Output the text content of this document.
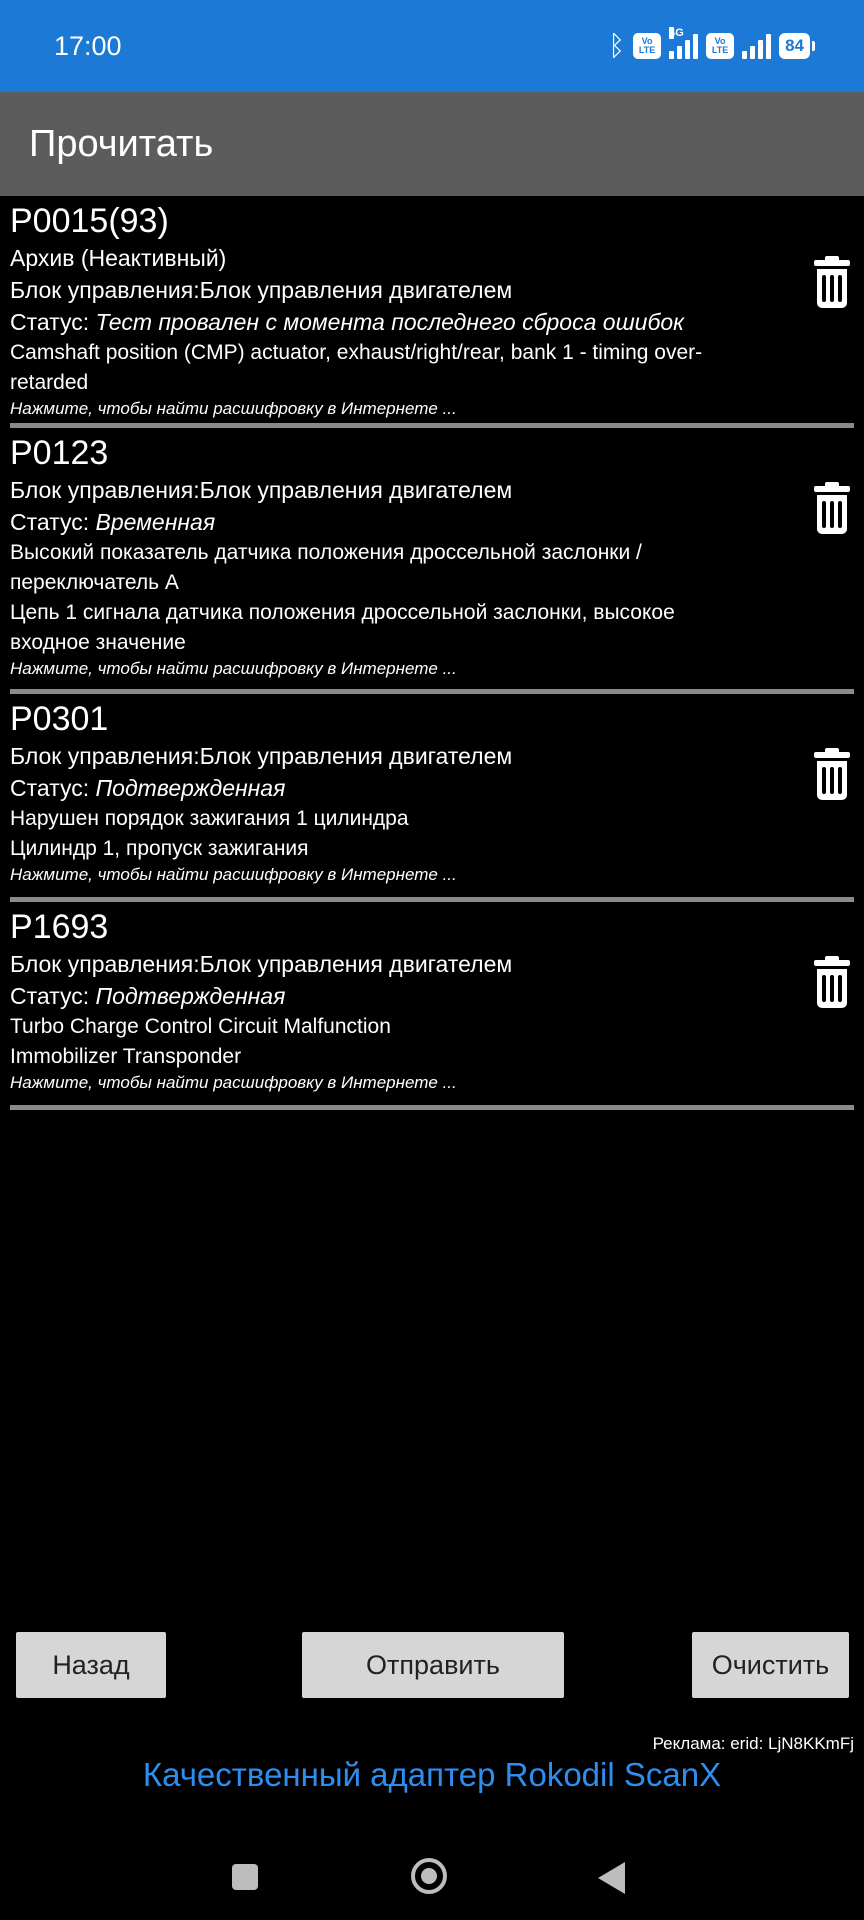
17:00	ᛒ	Vo LTE
4G
Vo LTE	84
Прочитать
P0015(93)
Архив (Неактивный)
Блок управления:Блок управления двигателем
Статус: Тест провален с момента последнего сброса ошибок
Camshaft position (CMP) actuator, exhaust/right/rear, bank 1 - timing over-retarded
Нажмите, чтобы найти расшифровку в Интернете ...
P0123
Блок управления:Блок управления двигателем
Статус: Временная
Высокий показатель датчика положения дроссельной заслонки / переключатель А
Цепь 1 сигнала датчика положения дроссельной заслонки, высокое входное значение
Нажмите, чтобы найти расшифровку в Интернете ...
P0301
Блок управления:Блок управления двигателем
Статус: Подтвержденная
Нарушен порядок зажигания 1 цилиндра
Цилиндр 1, пропуск зажигания
Нажмите, чтобы найти расшифровку в Интернете ...
P1693
Блок управления:Блок управления двигателем
Статус: Подтвержденная
Turbo Charge Control Circuit Malfunction
Immobilizer Transponder
Нажмите, чтобы найти расшифровку в Интернете ...
Назад	Отправить	Очистить
Реклама: erid: LjN8KKmFj
Качественный адаптер Rokodil ScanX
